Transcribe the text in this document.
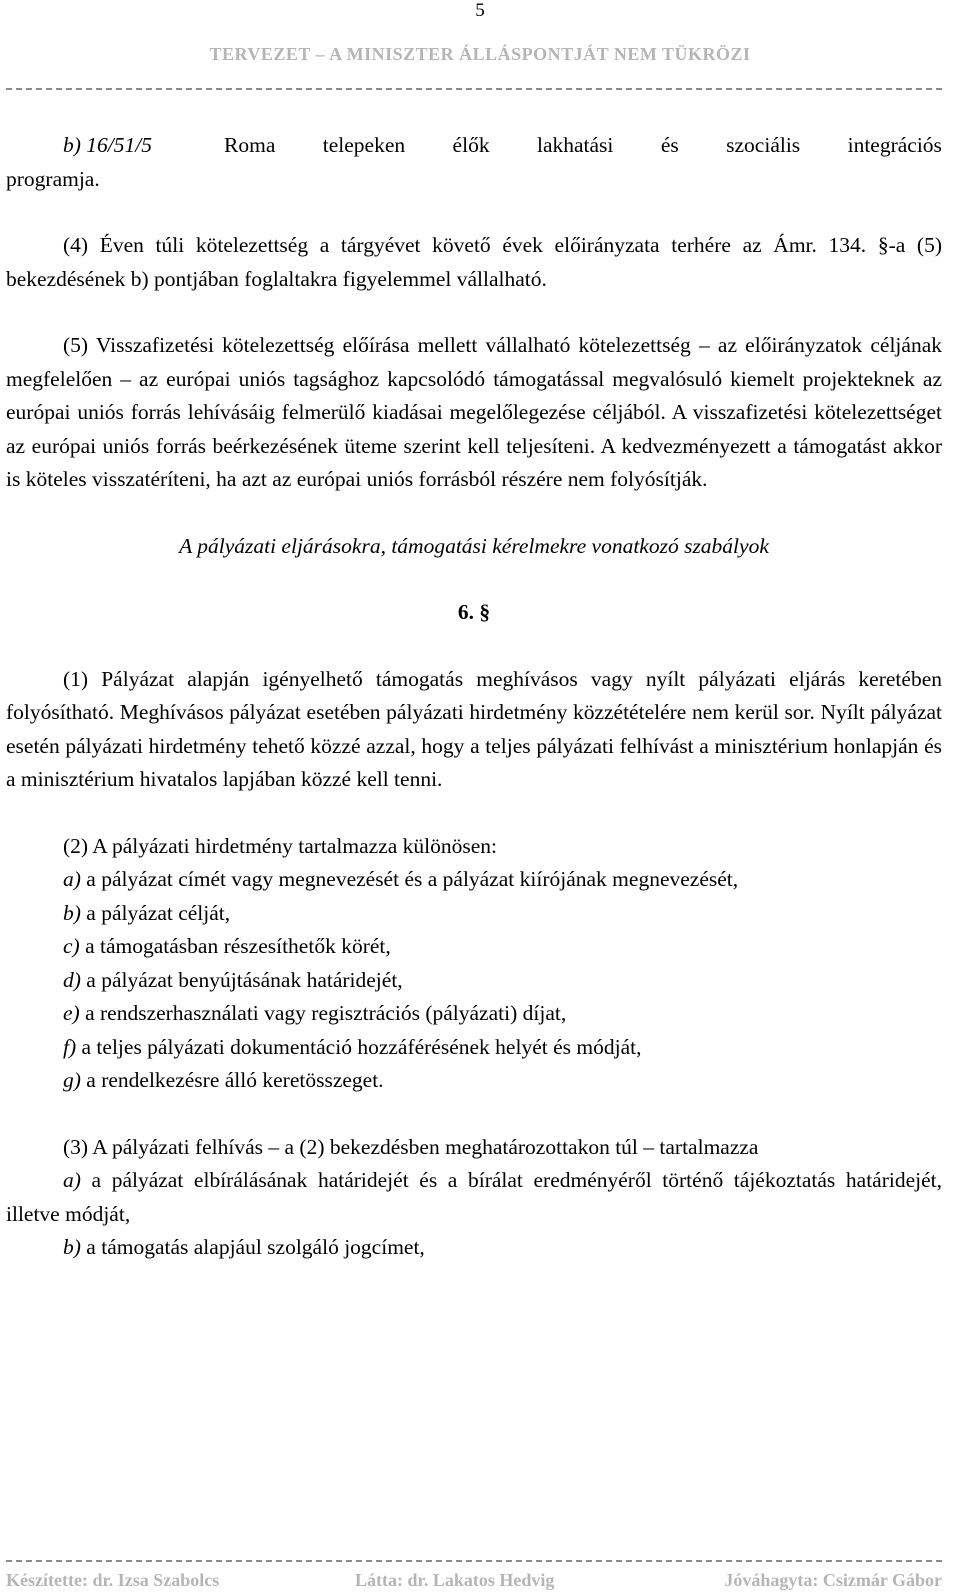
5
TERVEZET – A MINISZTER ÁLLÁSPONTJÁT NEM TÜKRÖZI
b) 16/51/5	Roma telepeken élők lakhatási és szociális integrációs

programja.

(4) Éven túli kötelezettség a tárgyévet követő évek előirányzata terhére az Ámr. 134. §-a (5) bekezdésének b) pontjában foglaltakra figyelemmel vállalható.

(5) Visszafizetési kötelezettség előírása mellett vállalható kötelezettség – az előirányzatok céljának megfelelően – az európai uniós tagsághoz kapcsolódó támogatással megvalósuló kiemelt projekteknek az európai uniós forrás lehívásáig felmerülő kiadásai megelőlegezése céljából. A visszafizetési kötelezettséget az európai uniós forrás beérkezésének üteme szerint kell teljesíteni. A kedvezményezett a támogatást akkor is köteles visszatéríteni, ha azt az európai uniós forrásból részére nem folyósítják.

A pályázati eljárásokra, támogatási kérelmekre vonatkozó szabályok

6. §

(1) Pályázat alapján igényelhető támogatás meghívásos vagy nyílt pályázati eljárás keretében folyósítható. Meghívásos pályázat esetében pályázati hirdetmény közzétételére nem kerül sor. Nyílt pályázat esetén pályázati hirdetmény tehető közzé azzal, hogy a teljes pályázati felhívást a minisztérium honlapján és a minisztérium hivatalos lapjában közzé kell tenni.

(2) A pályázati hirdetmény tartalmazza különösen:

a) a pályázat címét vagy megnevezését és a pályázat kiírójának megnevezését,

b) a pályázat célját,

c) a támogatásban részesíthetők körét,

d) a pályázat benyújtásának határidejét,

e) a rendszerhasználati vagy regisztrációs (pályázati) díjat,

f) a teljes pályázati dokumentáció hozzáférésének helyét és módját,

g) a rendelkezésre álló keretösszeget.

(3) A pályázati felhívás – a (2) bekezdésben meghatározottakon túl – tartalmazza

a) a pályázat elbírálásának határidejét és a bírálat eredményéről történő tájékoztatás határidejét, illetve módját,

b) a támogatás alapjául szolgáló jogcímet,

Készítette: dr. Izsa Szabolcs	Látta: dr. Lakatos Hedvig	Jóváhagyta: Csizmár Gábor
